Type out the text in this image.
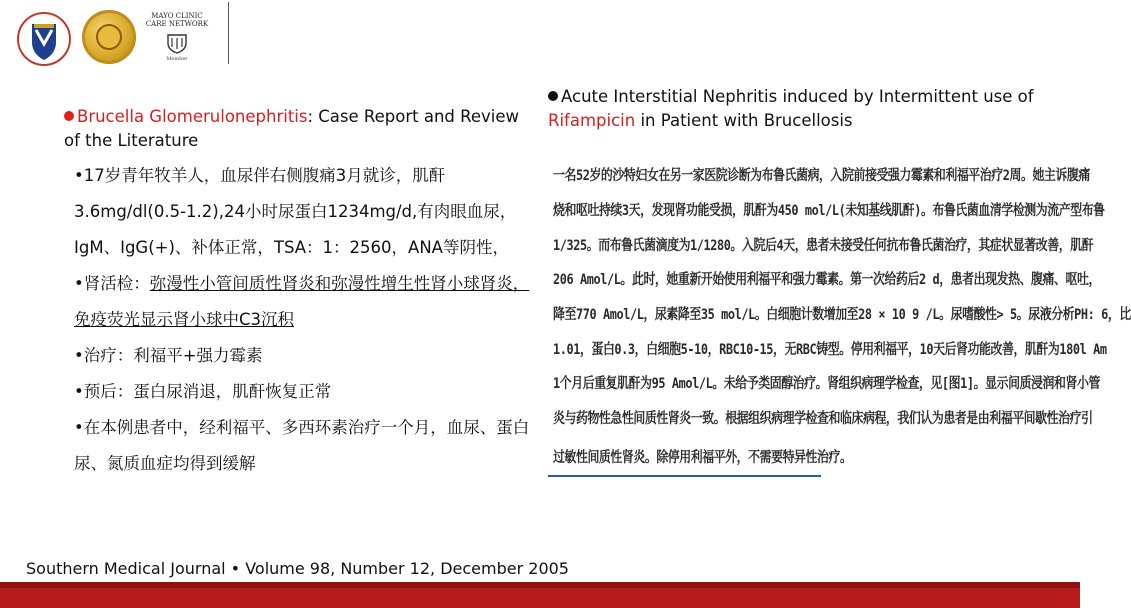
MAYO CLINIC
CARE NETWORK
Member
Brucella Glomerulonephritis: Case Report and Review of the Literature
•17岁青年牧羊人，血尿伴右侧腹痛3月就诊，肌酐3.6mg/dl(0.5-1.2),24小时尿蛋白1234mg/d,有肉眼血尿，IgM、IgG(+)、补体正常，TSA：1：2560，ANA等阴性，
•肾活检：弥漫性小管间质性肾炎和弥漫性增生性肾小球肾炎，免疫荧光显示肾小球中C3沉积
•治疗：利福平+强力霉素
•预后：蛋白尿消退，肌酐恢复正常
•在本例患者中，经利福平、多西环素治疗一个月，血尿、蛋白尿、氮质血症均得到缓解
Acute Interstitial Nephritis induced by Intermittent use of
Rifampicin in Patient with Brucellosis
一名52岁的沙特妇女在另一家医院诊断为布鲁氏菌病，入院前接受强力霉素和利福平治疗2周。她主诉腹痛
烧和呕吐持续3天，发现肾功能受损，肌酐为450 mol/L(未知基线肌酐)。布鲁氏菌血清学检测为流产型布鲁
1/325。而布鲁氏菌滴度为1/1280。入院后4天，患者未接受任何抗布鲁氏菌治疗，其症状显著改善，肌酐
206 Amol/L。此时，她重新开始使用利福平和强力霉素。第一次给药后2 d，患者出现发热、腹痛、呕吐，
降至770 Amol/L，尿素降至35 mol/L。白细胞计数增加至28 × 10 9 /L。尿嗜酸性> 5。尿液分析PH: 6，比
1.01，蛋白0.3，白细胞5-10，RBC10-15，无RBC铸型。停用利福平，10天后肾功能改善，肌酐为180l Am
1个月后重复肌酐为95 Amol/L。未给予类固醇治疗。肾组织病理学检查，见[图1]。显示间质浸润和肾小管
炎与药物性急性间质性肾炎一致。根据组织病理学检查和临床病程，我们认为患者是由利福平间歇性治疗引
过敏性间质性肾炎。除停用利福平外，不需要特异性治疗。
Southern Medical Journal • Volume 98, Number 12, December 2005
